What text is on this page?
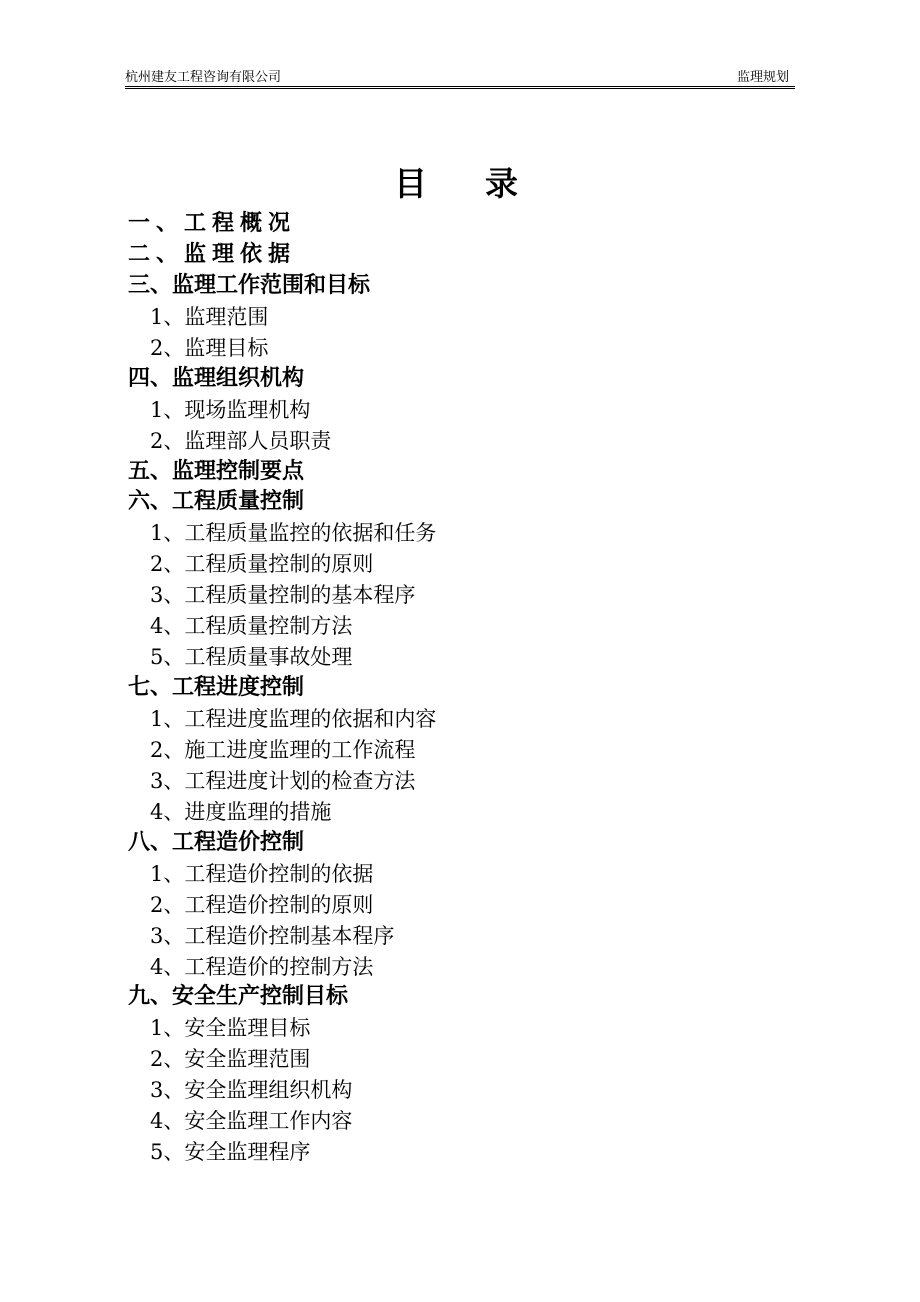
杭州建友工程咨询有限公司	监理规划
目录
一、工程概况
二、监理依据
三、监理工作范围和目标
1、监理范围
2、监理目标
四、监理组织机构
1、现场监理机构
2、监理部人员职责
五、监理控制要点
六、工程质量控制
1、工程质量监控的依据和任务
2、工程质量控制的原则
3、工程质量控制的基本程序
4、工程质量控制方法
5、工程质量事故处理
七、工程进度控制
1、工程进度监理的依据和内容
2、施工进度监理的工作流程
3、工程进度计划的检查方法
4、进度监理的措施
八、工程造价控制
1、工程造价控制的依据
2、工程造价控制的原则
3、工程造价控制基本程序
4、工程造价的控制方法
九、安全生产控制目标
1、安全监理目标
2、安全监理范围
3、安全监理组织机构
4、安全监理工作内容
5、安全监理程序
